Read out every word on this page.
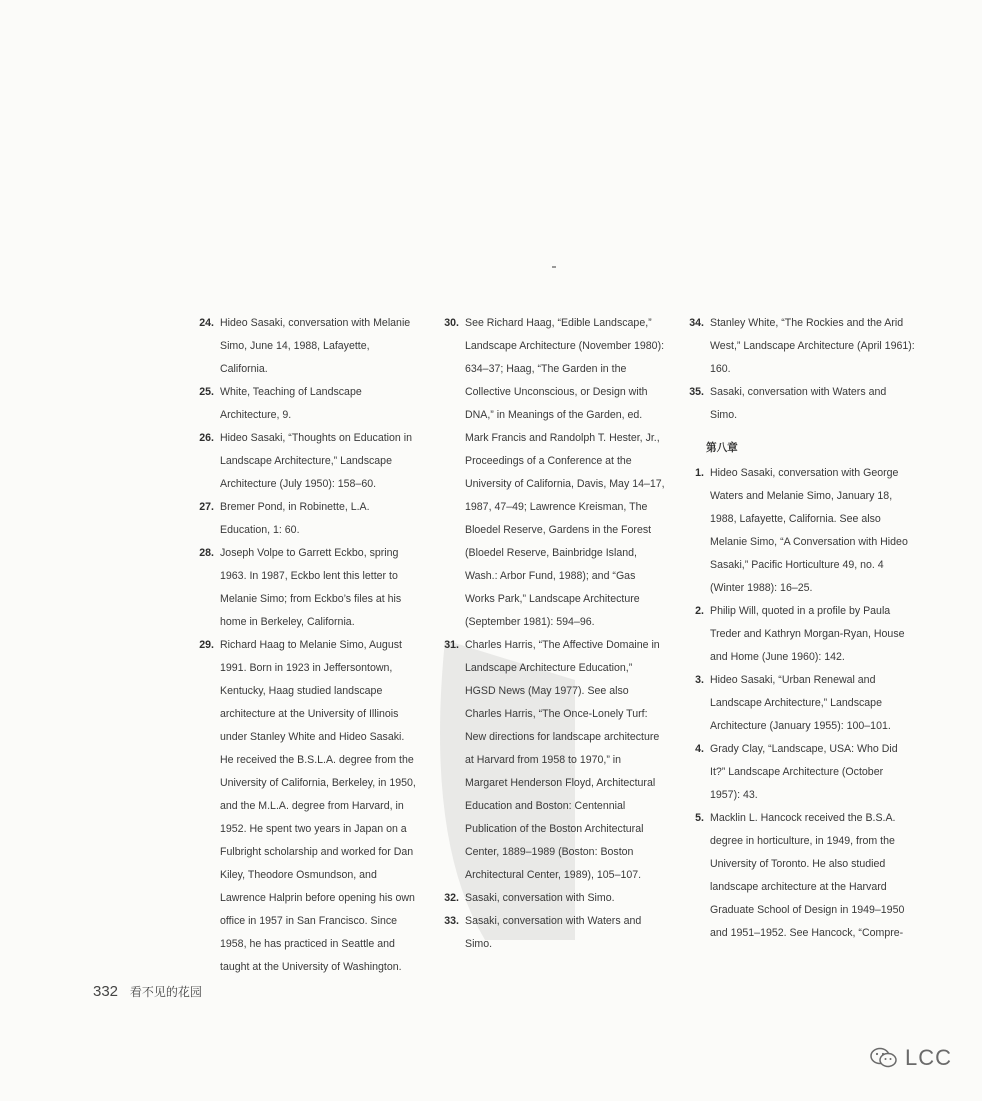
24. Hideo Sasaki, conversation with Melanie Simo, June 14, 1988, Lafayette, California.
25. White, Teaching of Landscape Architecture, 9.
26. Hideo Sasaki, “Thoughts on Education in Landscape Architecture,” Landscape Architecture (July 1950): 158–60.
27. Bremer Pond, in Robinette, L.A. Education, 1: 60.
28. Joseph Volpe to Garrett Eckbo, spring 1963. In 1987, Eckbo lent this letter to Melanie Simo; from Eckbo’s files at his home in Berkeley, California.
29. Richard Haag to Melanie Simo, August 1991. Born in 1923 in Jeffersontown, Kentucky, Haag studied landscape architecture at the University of Illinois under Stanley White and Hideo Sasaki. He received the B.S.L.A. degree from the University of California, Berkeley, in 1950, and the M.L.A. degree from Harvard, in 1952. He spent two years in Japan on a Fulbright scholarship and worked for Dan Kiley, Theodore Osmundson, and Lawrence Halprin before opening his own office in 1957 in San Francisco. Since 1958, he has practiced in Seattle and taught at the University of Washington.
30. See Richard Haag, “Edible Landscape,” Landscape Architecture (November 1980): 634–37; Haag, “The Garden in the Collective Unconscious, or Design with DNA,” in Meanings of the Garden, ed. Mark Francis and Randolph T. Hester, Jr., Proceedings of a Conference at the University of California, Davis, May 14–17, 1987, 47–49; Lawrence Kreisman, The Bloedel Reserve, Gardens in the Forest (Bloedel Reserve, Bainbridge Island, Wash.: Arbor Fund, 1988); and “Gas Works Park,” Landscape Architecture (September 1981): 594–96.
31. Charles Harris, “The Affective Domaine in Landscape Architecture Education,” HGSD News (May 1977). See also Charles Harris, “The Once-Lonely Turf: New directions for landscape architecture at Harvard from 1958 to 1970,” in Margaret Henderson Floyd, Architectural Education and Boston: Centennial Publication of the Boston Architectural Center, 1889–1989 (Boston: Boston Architectural Center, 1989), 105–107.
32. Sasaki, conversation with Simo.
33. Sasaki, conversation with Waters and Simo.
34. Stanley White, “The Rockies and the Arid West,” Landscape Architecture (April 1961): 160.
35. Sasaki, conversation with Waters and Simo.
第八章
1. Hideo Sasaki, conversation with George Waters and Melanie Simo, January 18, 1988, Lafayette, California. See also Melanie Simo, “A Conversation with Hideo Sasaki,” Pacific Horticulture 49, no. 4 (Winter 1988): 16–25.
2. Philip Will, quoted in a profile by Paula Treder and Kathryn Morgan-Ryan, House and Home (June 1960): 142.
3. Hideo Sasaki, “Urban Renewal and Landscape Architecture,” Landscape Architecture (January 1955): 100–101.
4. Grady Clay, “Landscape, USA: Who Did It?” Landscape Architecture (October 1957): 43.
5. Macklin L. Hancock received the B.S.A. degree in horticulture, in 1949, from the University of Toronto. He also studied landscape architecture at the Harvard Graduate School of Design in 1949–1950 and 1951–1952. See Hancock, “Compre-
332 看不见的花园
LCC
